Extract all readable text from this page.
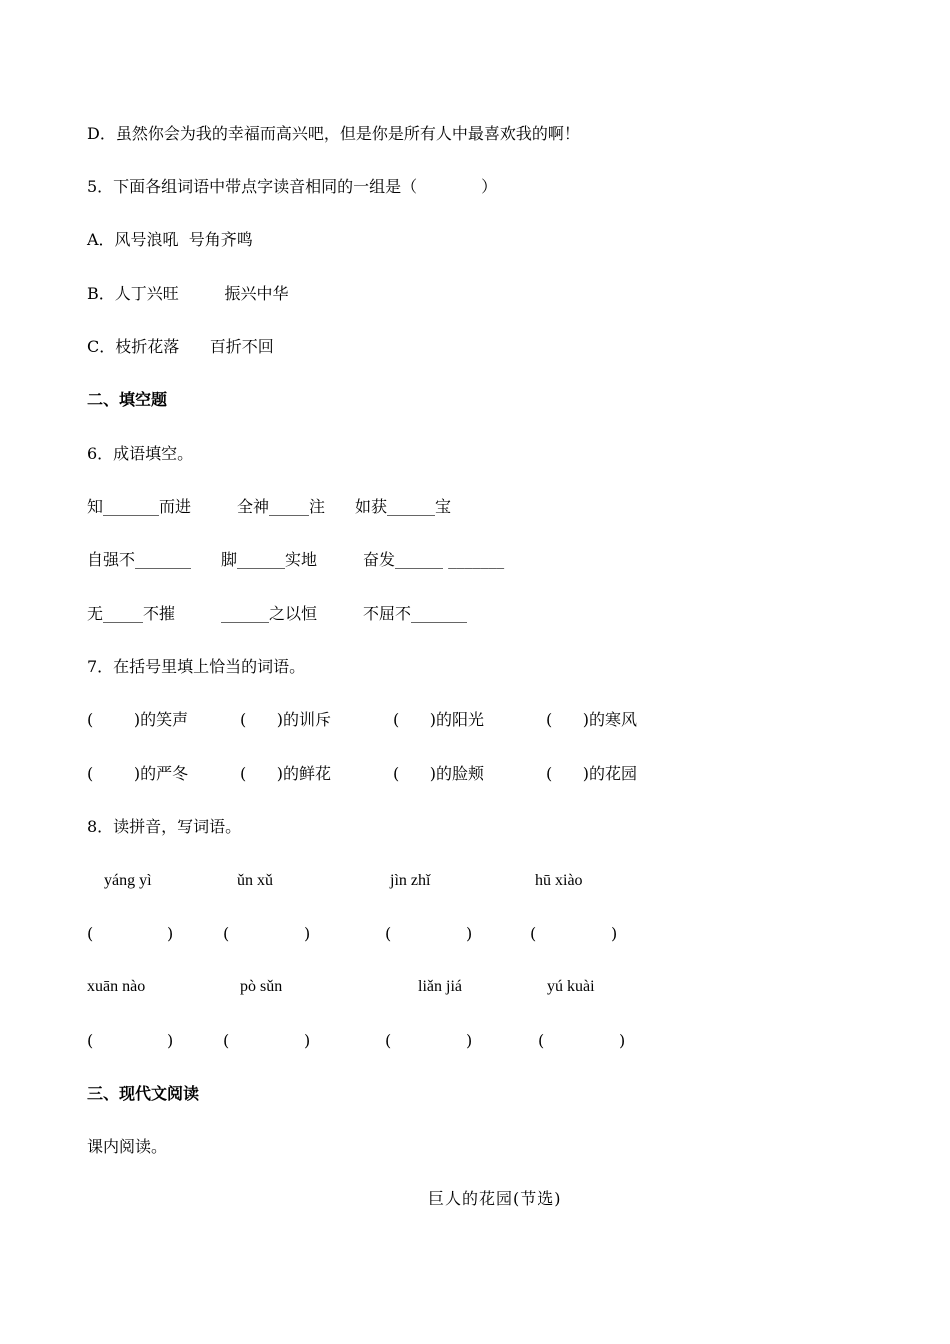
D．虽然你会为我的幸福而高兴吧，但是你是所有人中最喜欢我的啊！
5．下面各组词语中带点字读音相同的一组是（　　　　）
A．风号浪吼  号角齐鸣
B．人丁兴旺         振兴中华
C．枝折花落      百折不回
二、填空题
6．成语填空。
知_______而进	全神_____注 如获______宝
自强不_______ 脚______实地	奋发______ _______
无_____不摧	______之以恒	不屈不_______
7．在括号里填上恰当的词语。
(        )的笑声	(      )的训斥	(      )的阳光	(      )的寒风
(        )的严冬	(      )的鲜花	(      )的脸颊	(      )的花园
8．读拼音，写词语。
yáng yì	ǔn xǔ	jìn zhǐ	hū xiào
(	)	(	)	(	)	(	)
xuān nào	pò sǔn	liǎn jiá	yú kuài
(	)	(	)	(	)	(	)
三、现代文阅读
课内阅读。
巨人的花园(节选)
